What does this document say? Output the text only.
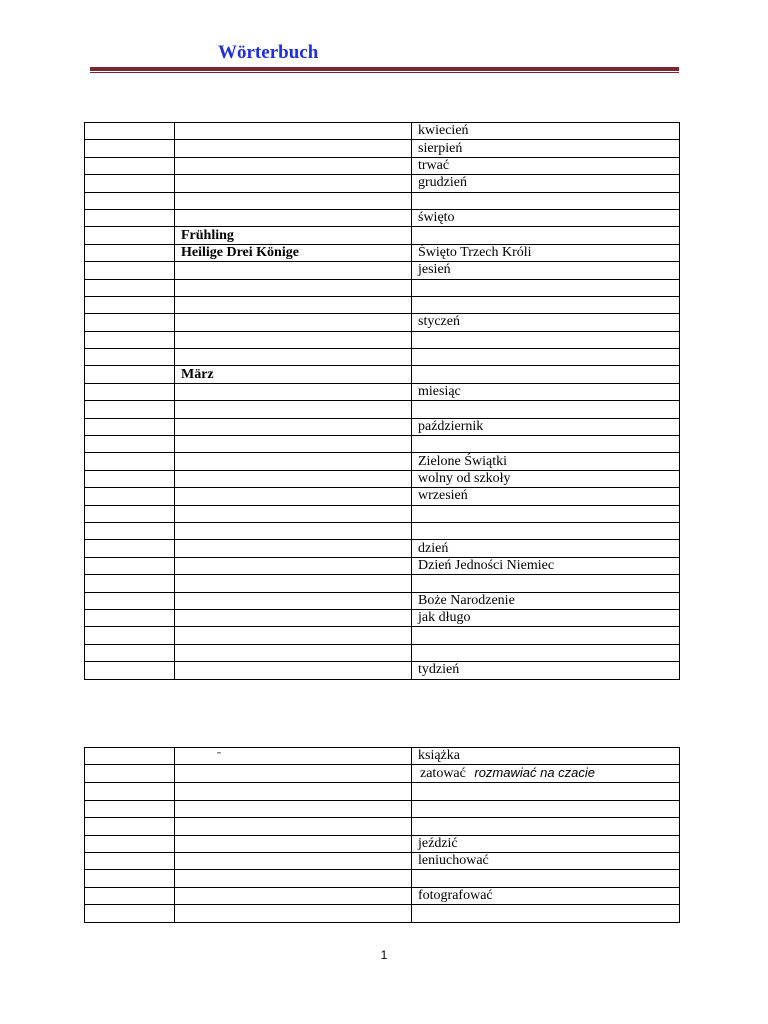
Wörterbuch
		kwiecień
		sierpień
		trwać
		grudzień

		święto
	Frühling	
	Heilige Drei Könige	Święto Trzech Króli
		jesień

		styczeń

	März	
		miesiąc

		październik

		Zielone Świątki
		wolny od szkoły
		wrzesień

		dzień
		Dzień Jedności Niemiec

		Boże Narodzenie
		jak długo

		tydzień
	¨	książka
		zatować rozmawiać na czacie

		jeździć
		leniuchować

		fotografować

1
